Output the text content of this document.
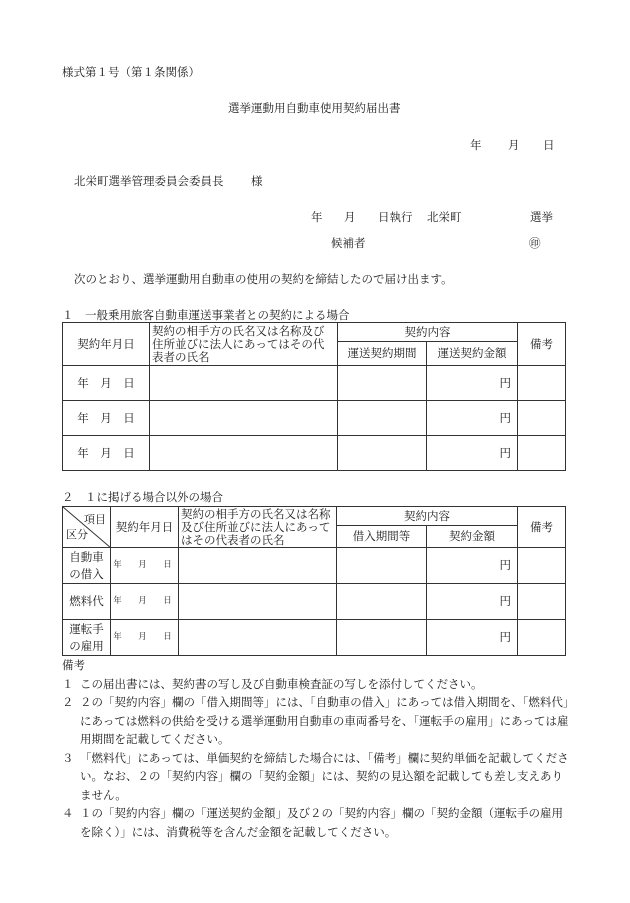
様式第１号（第１条関係）
選挙運動用自動車使用契約届出書
年 月 日
北栄町選挙管理委員会委員長 様
年 月 日執行 北栄町	選挙
候補者	㊞
次のとおり、選挙運動用自動車の使用の契約を締結したので届け出ます。
１　一般乗用旅客自動車運送事業者との契約による場合
契約年月日	契約の相手方の氏名又は名称及び住所並びに法人にあってはその代表者の氏名	契約内容		備考
		運送契約期間	運送契約金額	
年　 月　 日			円	
年　 月　 日			円	
年　 月　 日			円	
２　１に掲げる場合以外の場合
項目
区分	契約年月日	契約の相手方の氏名又は名称及び住所並びに法人にあってはその代表者の氏名	契約内容		備考
			借入期間等	契約金額	
自動車の借入	年　月　日			円	
燃料代	年　月　日			円	
運転手の雇用	年　月　日			円	
備考
１ この届出書には、契約書の写し及び自動車検査証の写しを添付してください。
２ ２の「契約内容」欄の「借入期間等」には、「自動車の借入」にあっては借入期間を、「燃料代」にあっては燃料の供給を受ける選挙運動用自動車の車両番号を、「運転手の雇用」にあっては雇用期間を記載してください。
３ 「燃料代」にあっては、単価契約を締結した場合には、「備考」欄に契約単価を記載してください。なお、２の「契約内容」欄の「契約金額」には、契約の見込額を記載しても差し支えありません。
４ １の「契約内容」欄の「運送契約金額」及び２の「契約内容」欄の「契約金額（運転手の雇用を除く）」には、消費税等を含んだ金額を記載してください。
